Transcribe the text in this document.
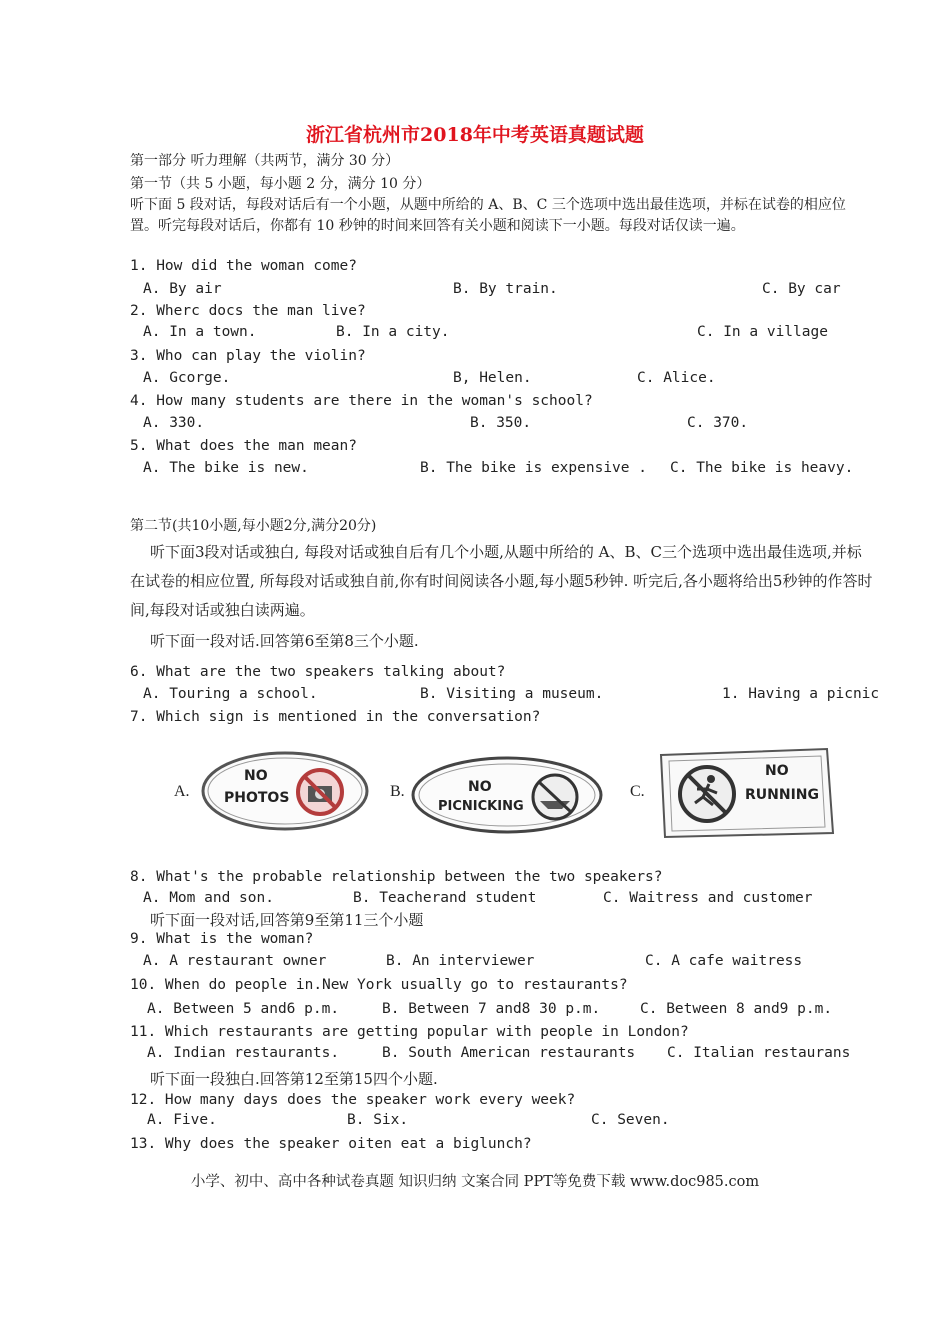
浙江省杭州市2018年中考英语真题试题
第一部分 听力理解（共两节，满分 30 分）
第一节（共 5 小题，每小题 2 分，满分 10 分）
听下面 5 段对话，每段对话后有一个小题，从题中所给的 A、B、C 三个选项中选出最佳选项，并标在试卷的相应位置。听完每段对话后，你都有 10 秒钟的时间来回答有关小题和阅读下一小题。每段对话仅读一遍。
1. How did the woman come?
A. By air	B. By train.	C. By car
2. Wherc docs the man live?
A. In a town.	B. In a city.	C. In a village
3. Who can play the violin?
A. Gcorge.	B, Helen.	C. Alice.
4. How many students are there in the woman's school?
A. 330.	B. 350.	C. 370.
5. What does the man mean?
A. The bike is new.	B. The bike is expensive . C. The bike is heavy.
第二节(共10小题,每小题2分,满分20分)
听下面3段对话或独白, 每段对话或独自后有几个小题,从题中所给的 A、B、C三个选项中选出最佳选项,并标在试卷的相应位置, 所每段对话或独自前,你有时间阅读各小题,每小题5秒钟. 听完后,各小题将给出5秒钟的作答时间,每段对话或独白读两遍。
听下面一段对话.回答第6至第8三个小题.
6. What are the two speakers talking about?
A. Touring a school.	B. Visiting a museum.	1. Having a picnic
7. Which sign is mentioned in the conversation?
A.
NO
PHOTOS	B.	NO
PICNICKING
C.
NO
RUNNING
8. What's the probable relationship between the two speakers?
A. Mom and son.	B. Teacherand student	C. Waitress and customer
听下面一段对话,回答第9至第11三个小题
9. What is the woman?
A. A restaurant owner	B. An interviewer	C. A cafe waitress
10. When do people in.New York usually go to restaurants?
A. Between 5 and6 p.m.	B. Between 7 and8 30 p.m.	C. Between 8 and9 p.m.
11. Which restaurants are getting popular with people in London?
A. Indian restaurants.	B. South American restaurants C. Italian restaurans
听下面一段独白.回答第12至第15四个小题.
12. How many days does the speaker work every week?
A. Five.	B. Six.	C. Seven.
13. Why does the speaker oiten eat a biglunch?
小学、初中、高中各种试卷真题 知识归纳 文案合同 PPT等免费下载 www.doc985.com
